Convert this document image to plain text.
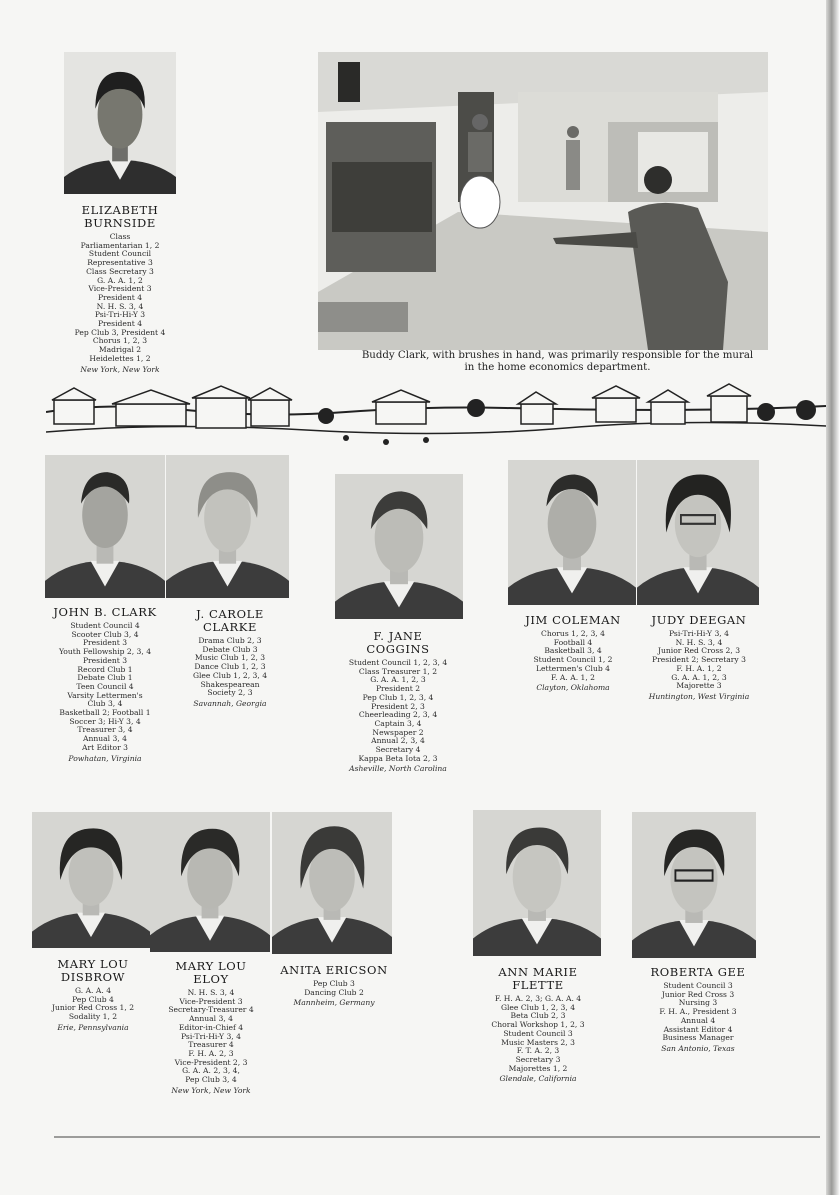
ELIZABETH
BURNSIDE
Class
Parliamentarian 1, 2
Student Council
Representative 3
Class Secretary 3
G. A. A. 1, 2
Vice-President 3
President 4
N. H. S. 3, 4
Psi-Tri-Hi-Y 3
President 4
Pep Club 3, President 4
Chorus 1, 2, 3
Madrigal 2
Heidelettes 1, 2
New York, New York
Buddy Clark, with brushes in hand, was primarily responsible for the mural in the home economics department.
JOHN B. CLARK
Student Council 4
Scooter Club 3, 4
President 3
Youth Fellowship 2, 3, 4
President 3
Record Club 1
Debate Club 1
Teen Council 4
Varsity Lettermen's
Club 3, 4
Basketball 2; Football 1
Soccer 3; Hi-Y 3, 4
Treasurer 3, 4
Annual 3, 4
Art Editor 3
Powhatan, Virginia
J. CAROLE
CLARKE
Drama Club 2, 3
Debate Club 3
Music Club 1, 2, 3
Dance Club 1, 2, 3
Glee Club 1, 2, 3, 4
Shakespearean
Society 2, 3
Savannah, Georgia
F. JANE
COGGINS
Student Council 1, 2, 3, 4
Class Treasurer 1, 2
G. A. A. 1, 2, 3
President 2
Pep Club 1, 2, 3, 4
President 2, 3
Cheerleading 2, 3, 4
Captain 3, 4
Newspaper 2
Annual 2, 3, 4
Secretary 4
Kappa Beta Iota 2, 3
Asheville, North Carolina
JIM COLEMAN
Chorus 1, 2, 3, 4
Football 4
Basketball 3, 4
Student Council 1, 2
Lettermen's Club 4
F. A. A. 1, 2
Clayton, Oklahoma
JUDY DEEGAN
Psi-Tri-Hi-Y 3, 4
N. H. S. 3, 4
Junior Red Cross 2, 3
President 2; Secretary 3
F. H. A. 1, 2
G. A. A. 1, 2, 3
Majorette 3
Huntington, West Virginia
MARY LOU
DISBROW
G. A. A. 4
Pep Club 4
Junior Red Cross 1, 2
Sodality 1, 2
Erie, Pennsylvania
MARY LOU
ELOY
N. H. S. 3, 4
Vice-President 3
Secretary-Treasurer 4
Annual 3, 4
Editor-in-Chief 4
Psi-Tri-Hi-Y 3, 4
Treasurer 4
F. H. A. 2, 3
Vice-President 2, 3
G. A. A. 2, 3, 4,
Pep Club 3, 4
New York, New York
ANITA ERICSON
Pep Club 3
Dancing Club 2
Mannheim, Germany
ANN MARIE
FLETTE
F. H. A. 2, 3; G. A. A. 4
Glee Club 1, 2, 3, 4
Beta Club 2, 3
Choral Workshop 1, 2, 3
Student Council 3
Music Masters 2, 3
F. T. A. 2, 3
Secretary 3
Majorettes 1, 2
Glendale, California
ROBERTA GEE
Student Council 3
Junior Red Cross 3
Nursing 3
F. H. A., President 3
Annual 4
Assistant Editor 4
Business Manager
San Antonio, Texas
